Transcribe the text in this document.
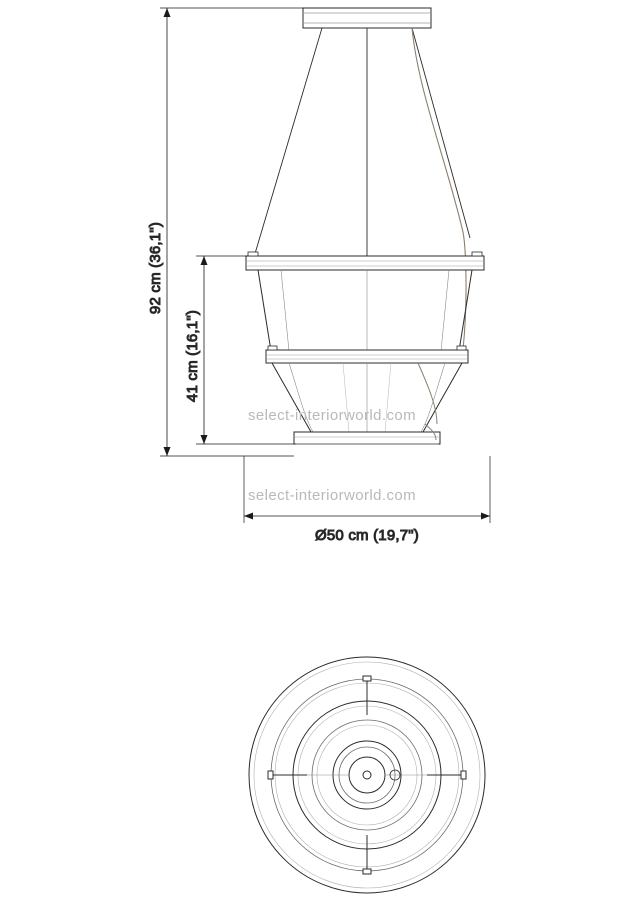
92 cm (36,1")
41 cm (16,1")
Ø50 cm (19,7")
select-interiorworld.com
select-interiorworld.com
